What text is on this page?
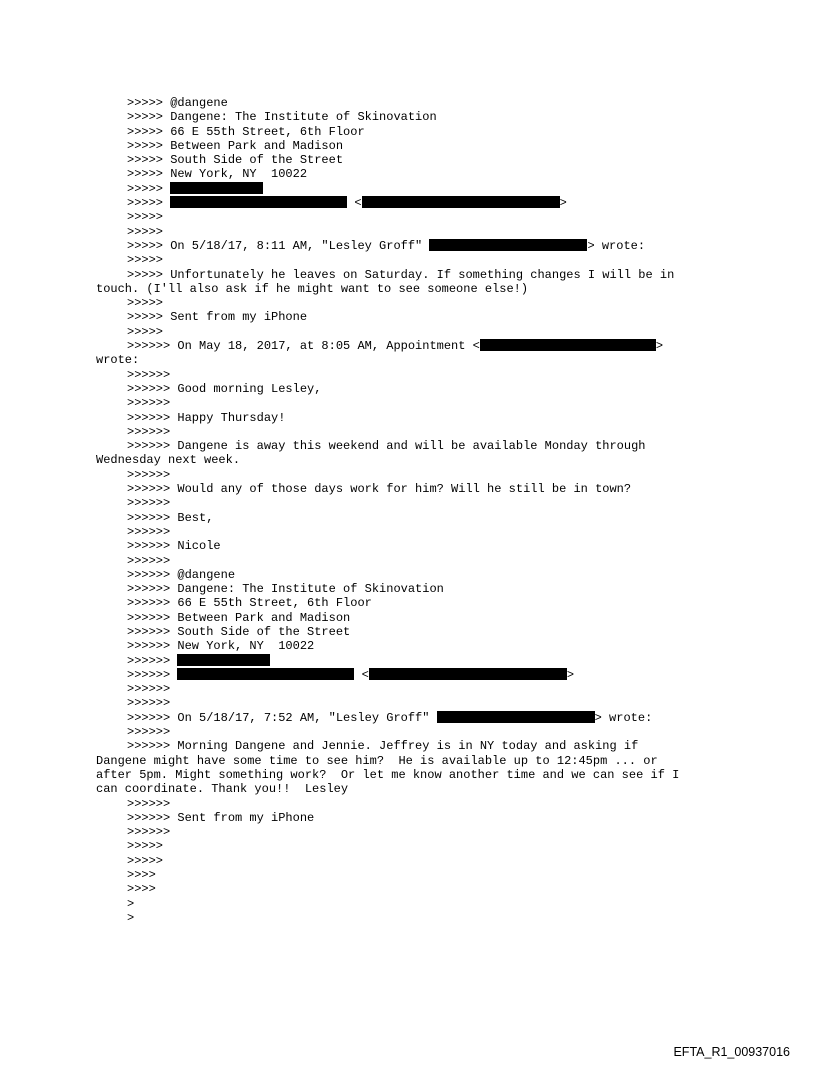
>>>>> @dangene
>>>>> Dangene: The Institute of Skinovation
>>>>> 66 E 55th Street, 6th Floor
>>>>> Between Park and Madison
>>>>> South Side of the Street
>>>>> New York, NY  10022
>>>>>
>>>>>	<	>
>>>>>
>>>>>
>>>>> On 5/18/17, 8:11 AM, "Lesley Groff"	> wrote:
>>>>>
>>>>> Unfortunately he leaves on Saturday. If something changes I will be in
touch. (I'll also ask if he might want to see someone else!)
>>>>>
>>>>> Sent from my iPhone
>>>>>
>>>>>> On May 18, 2017, at 8:05 AM, Appointment <	>
wrote:
>>>>>>
>>>>>> Good morning Lesley,
>>>>>>
>>>>>> Happy Thursday!
>>>>>>
>>>>>> Dangene is away this weekend and will be available Monday through
Wednesday next week.
>>>>>>
>>>>>> Would any of those days work for him? Will he still be in town?
>>>>>>
>>>>>> Best,
>>>>>>
>>>>>> Nicole
>>>>>>
>>>>>> @dangene
>>>>>> Dangene: The Institute of Skinovation
>>>>>> 66 E 55th Street, 6th Floor
>>>>>> Between Park and Madison
>>>>>> South Side of the Street
>>>>>> New York, NY  10022
>>>>>>
>>>>>>	<	>
>>>>>>
>>>>>>
>>>>>> On 5/18/17, 7:52 AM, "Lesley Groff"	> wrote:
>>>>>>
>>>>>> Morning Dangene and Jennie. Jeffrey is in NY today and asking if
Dangene might have some time to see him?  He is available up to 12:45pm ... or
after 5pm. Might something work?  Or let me know another time and we can see if I
can coordinate. Thank you!!  Lesley
>>>>>>
>>>>>> Sent from my iPhone
>>>>>>
>>>>>
>>>>>
>>>>
>>>>
>
>
EFTA_R1_00937016
